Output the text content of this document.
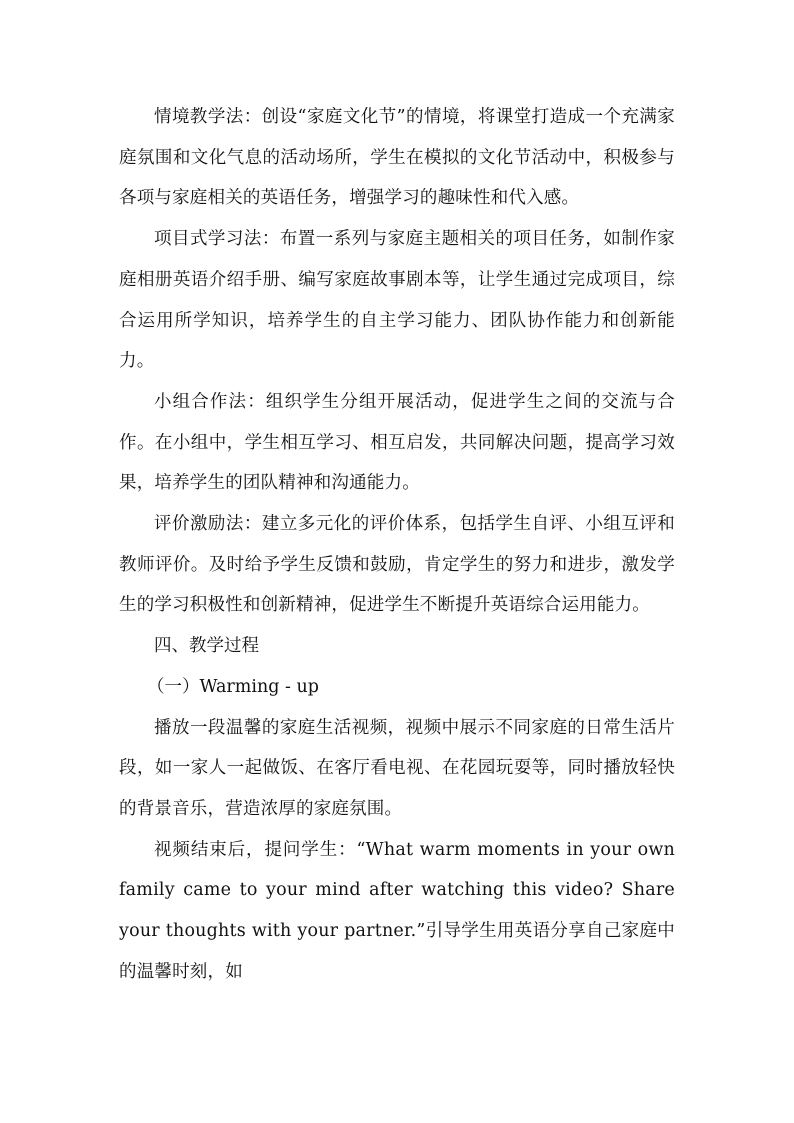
情境教学法：创设“家庭文化节”的情境，将课堂打造成一个充满家庭氛围和文化气息的活动场所，学生在模拟的文化节活动中，积极参与各项与家庭相关的英语任务，增强学习的趣味性和代入感。

项目式学习法：布置一系列与家庭主题相关的项目任务，如制作家庭相册英语介绍手册、编写家庭故事剧本等，让学生通过完成项目，综合运用所学知识，培养学生的自主学习能力、团队协作能力和创新能力。

小组合作法：组织学生分组开展活动，促进学生之间的交流与合作。在小组中，学生相互学习、相互启发，共同解决问题，提高学习效果，培养学生的团队精神和沟通能力。

评价激励法：建立多元化的评价体系，包括学生自评、小组互评和教师评价。及时给予学生反馈和鼓励，肯定学生的努力和进步，激发学生的学习积极性和创新精神，促进学生不断提升英语综合运用能力。

四、教学过程

（一）Warming - up

播放一段温馨的家庭生活视频，视频中展示不同家庭的日常生活片段，如一家人一起做饭、在客厅看电视、在花园玩耍等，同时播放轻快的背景音乐，营造浓厚的家庭氛围。

视频结束后，提问学生：“What warm moments in your own family came to your mind after watching this video? Share your thoughts with your partner.”引导学生用英语分享自己家庭中的温馨时刻，如
